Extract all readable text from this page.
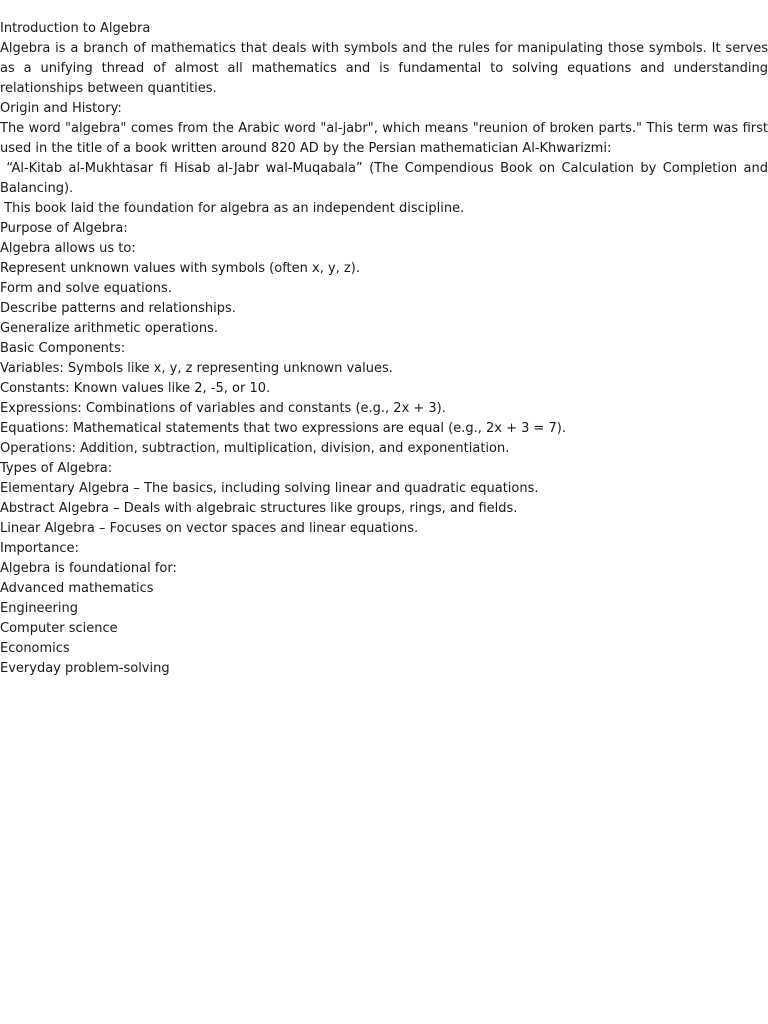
Introduction to Algebra
Algebra is a branch of mathematics that deals with symbols and the rules for manipulating those symbols. It serves as a unifying thread of almost all mathematics and is fundamental to solving equations and understanding relationships between quantities.
Origin and History:
The word "algebra" comes from the Arabic word "al-jabr", which means "reunion of broken parts." This term was first used in the title of a book written around 820 AD by the Persian mathematician Al-Khwarizmi:
“Al-Kitab al-Mukhtasar fi Hisab al-Jabr wal-Muqabala” (The Compendious Book on Calculation by Completion and Balancing).
This book laid the foundation for algebra as an independent discipline.
Purpose of Algebra:
Algebra allows us to:
Represent unknown values with symbols (often x, y, z).
Form and solve equations.
Describe patterns and relationships.
Generalize arithmetic operations.
Basic Components:
Variables: Symbols like x, y, z representing unknown values.
Constants: Known values like 2, -5, or 10.
Expressions: Combinations of variables and constants (e.g., 2x + 3).
Equations: Mathematical statements that two expressions are equal (e.g., 2x + 3 = 7).
Operations: Addition, subtraction, multiplication, division, and exponentiation.
Types of Algebra:
Elementary Algebra – The basics, including solving linear and quadratic equations.
Abstract Algebra – Deals with algebraic structures like groups, rings, and fields.
Linear Algebra – Focuses on vector spaces and linear equations.
Importance:
Algebra is foundational for:
Advanced mathematics
Engineering
Computer science
Economics
Everyday problem-solving
